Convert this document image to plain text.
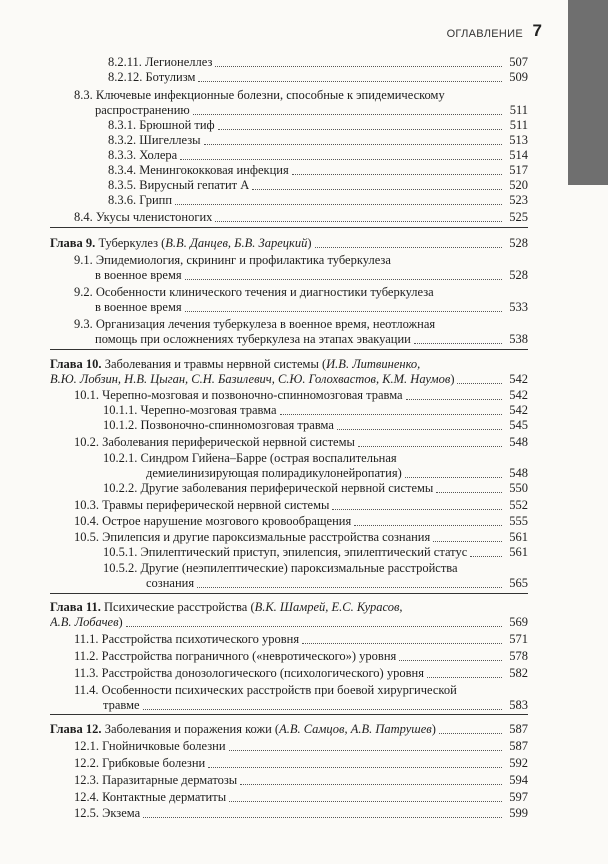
ОГЛАВЛЕНИЕ 7
8.2.11. Легионеллез	507
8.2.12. Ботулизм	509
8.3. Ключевые инфекционные болезни, способные к эпидемическому
распространению	511
8.3.1. Брюшной тиф	511
8.3.2. Шигеллезы	513
8.3.3. Холера	514
8.3.4. Менингококковая инфекция	517
8.3.5. Вирусный гепатит А	520
8.3.6. Грипп	523
8.4. Укусы членистоногих	525
Глава 9. Туберкулез (В.В. Данцев, Б.В. Зарецкий)	528
9.1. Эпидемиология, скрининг и профилактика туберкулеза
в военное время	528
9.2. Особенности клинического течения и диагностики туберкулеза
в военное время	533
9.3. Организация лечения туберкулеза в военное время, неотложная
помощь при осложнениях туберкулеза на этапах эвакуации	538
Глава 10. Заболевания и травмы нервной системы (И.В. Литвиненко,
В.Ю. Лобзин, Н.В. Цыган, С.Н. Базилевич, С.Ю. Голохвастов, К.М. Наумов)	542
10.1. Черепно-мозговая и позвоночно-спинномозговая травма	542
10.1.1. Черепно-мозговая травма	542
10.1.2. Позвоночно-спинномозговая травма	545
10.2. Заболевания периферической нервной системы	548
10.2.1. Синдром Гийена–Барре (острая воспалительная
демиелинизирующая полирадикулонейропатия)	548
10.2.2. Другие заболевания периферической нервной системы	550
10.3. Травмы периферической нервной системы	552
10.4. Острое нарушение мозгового кровообращения	555
10.5. Эпилепсия и другие пароксизмальные расстройства сознания	561
10.5.1. Эпилептический приступ, эпилепсия, эпилептический статус	561
10.5.2. Другие (неэпилептические) пароксизмальные расстройства
сознания	565
Глава 11. Психические расстройства (В.К. Шамрей, Е.С. Курасов,
А.В. Лобачев)	569
11.1. Расстройства психотического уровня	571
11.2. Расстройства пограничного («невротического») уровня	578
11.3. Расстройства донозологического (психологического) уровня	582
11.4. Особенности психических расстройств при боевой хирургической
травме	583
Глава 12. Заболевания и поражения кожи (А.В. Самцов, А.В. Патрушев)	587
12.1. Гнойничковые болезни	587
12.2. Грибковые болезни	592
12.3. Паразитарные дерматозы	594
12.4. Контактные дерматиты	597
12.5. Экзема	599
